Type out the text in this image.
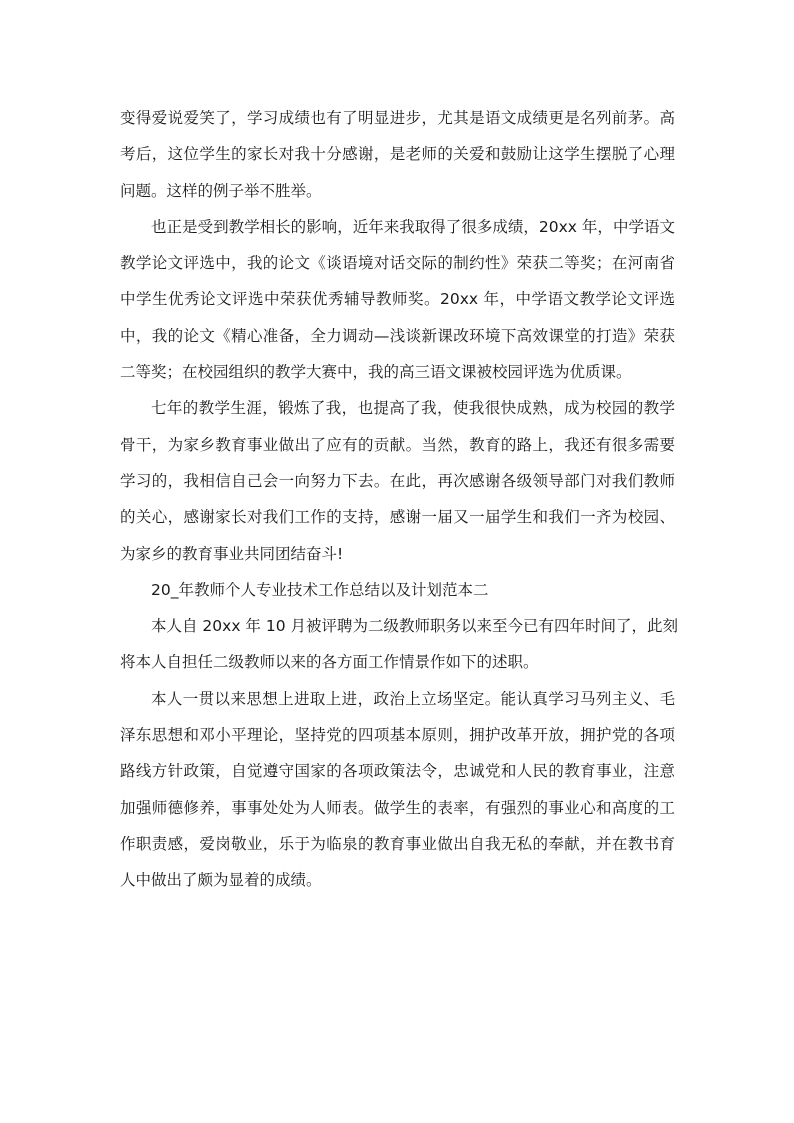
变得爱说爱笑了，学习成绩也有了明显进步，尤其是语文成绩更是名列前茅。高
考后，这位学生的家长对我十分感谢，是老师的关爱和鼓励让这学生摆脱了心理
问题。这样的例子举不胜举。
也正是受到教学相长的影响，近年来我取得了很多成绩，20xx 年，中学语文
教学论文评选中，我的论文《谈语境对话交际的制约性》荣获二等奖；在河南省
中学生优秀论文评选中荣获优秀辅导教师奖。20xx 年，中学语文教学论文评选
中，我的论文《精心准备，全力调动—浅谈新课改环境下高效课堂的打造》荣获
二等奖；在校园组织的教学大赛中，我的高三语文课被校园评选为优质课。
七年的教学生涯，锻炼了我，也提高了我，使我很快成熟，成为校园的教学
骨干，为家乡教育事业做出了应有的贡献。当然，教育的路上，我还有很多需要
学习的，我相信自己会一向努力下去。在此，再次感谢各级领导部门对我们教师
的关心，感谢家长对我们工作的支持，感谢一届又一届学生和我们一齐为校园、
为家乡的教育事业共同团结奋斗!
20_年教师个人专业技术工作总结以及计划范本二
本人自 20xx 年 10 月被评聘为二级教师职务以来至今已有四年时间了，此刻
将本人自担任二级教师以来的各方面工作情景作如下的述职。
本人一贯以来思想上进取上进，政治上立场坚定。能认真学习马列主义、毛
泽东思想和邓小平理论，坚持党的四项基本原则，拥护改革开放，拥护党的各项
路线方针政策，自觉遵守国家的各项政策法令，忠诚党和人民的教育事业，注意
加强师德修养，事事处处为人师表。做学生的表率，有强烈的事业心和高度的工
作职责感，爱岗敬业，乐于为临泉的教育事业做出自我无私的奉献，并在教书育
人中做出了颇为显着的成绩。
